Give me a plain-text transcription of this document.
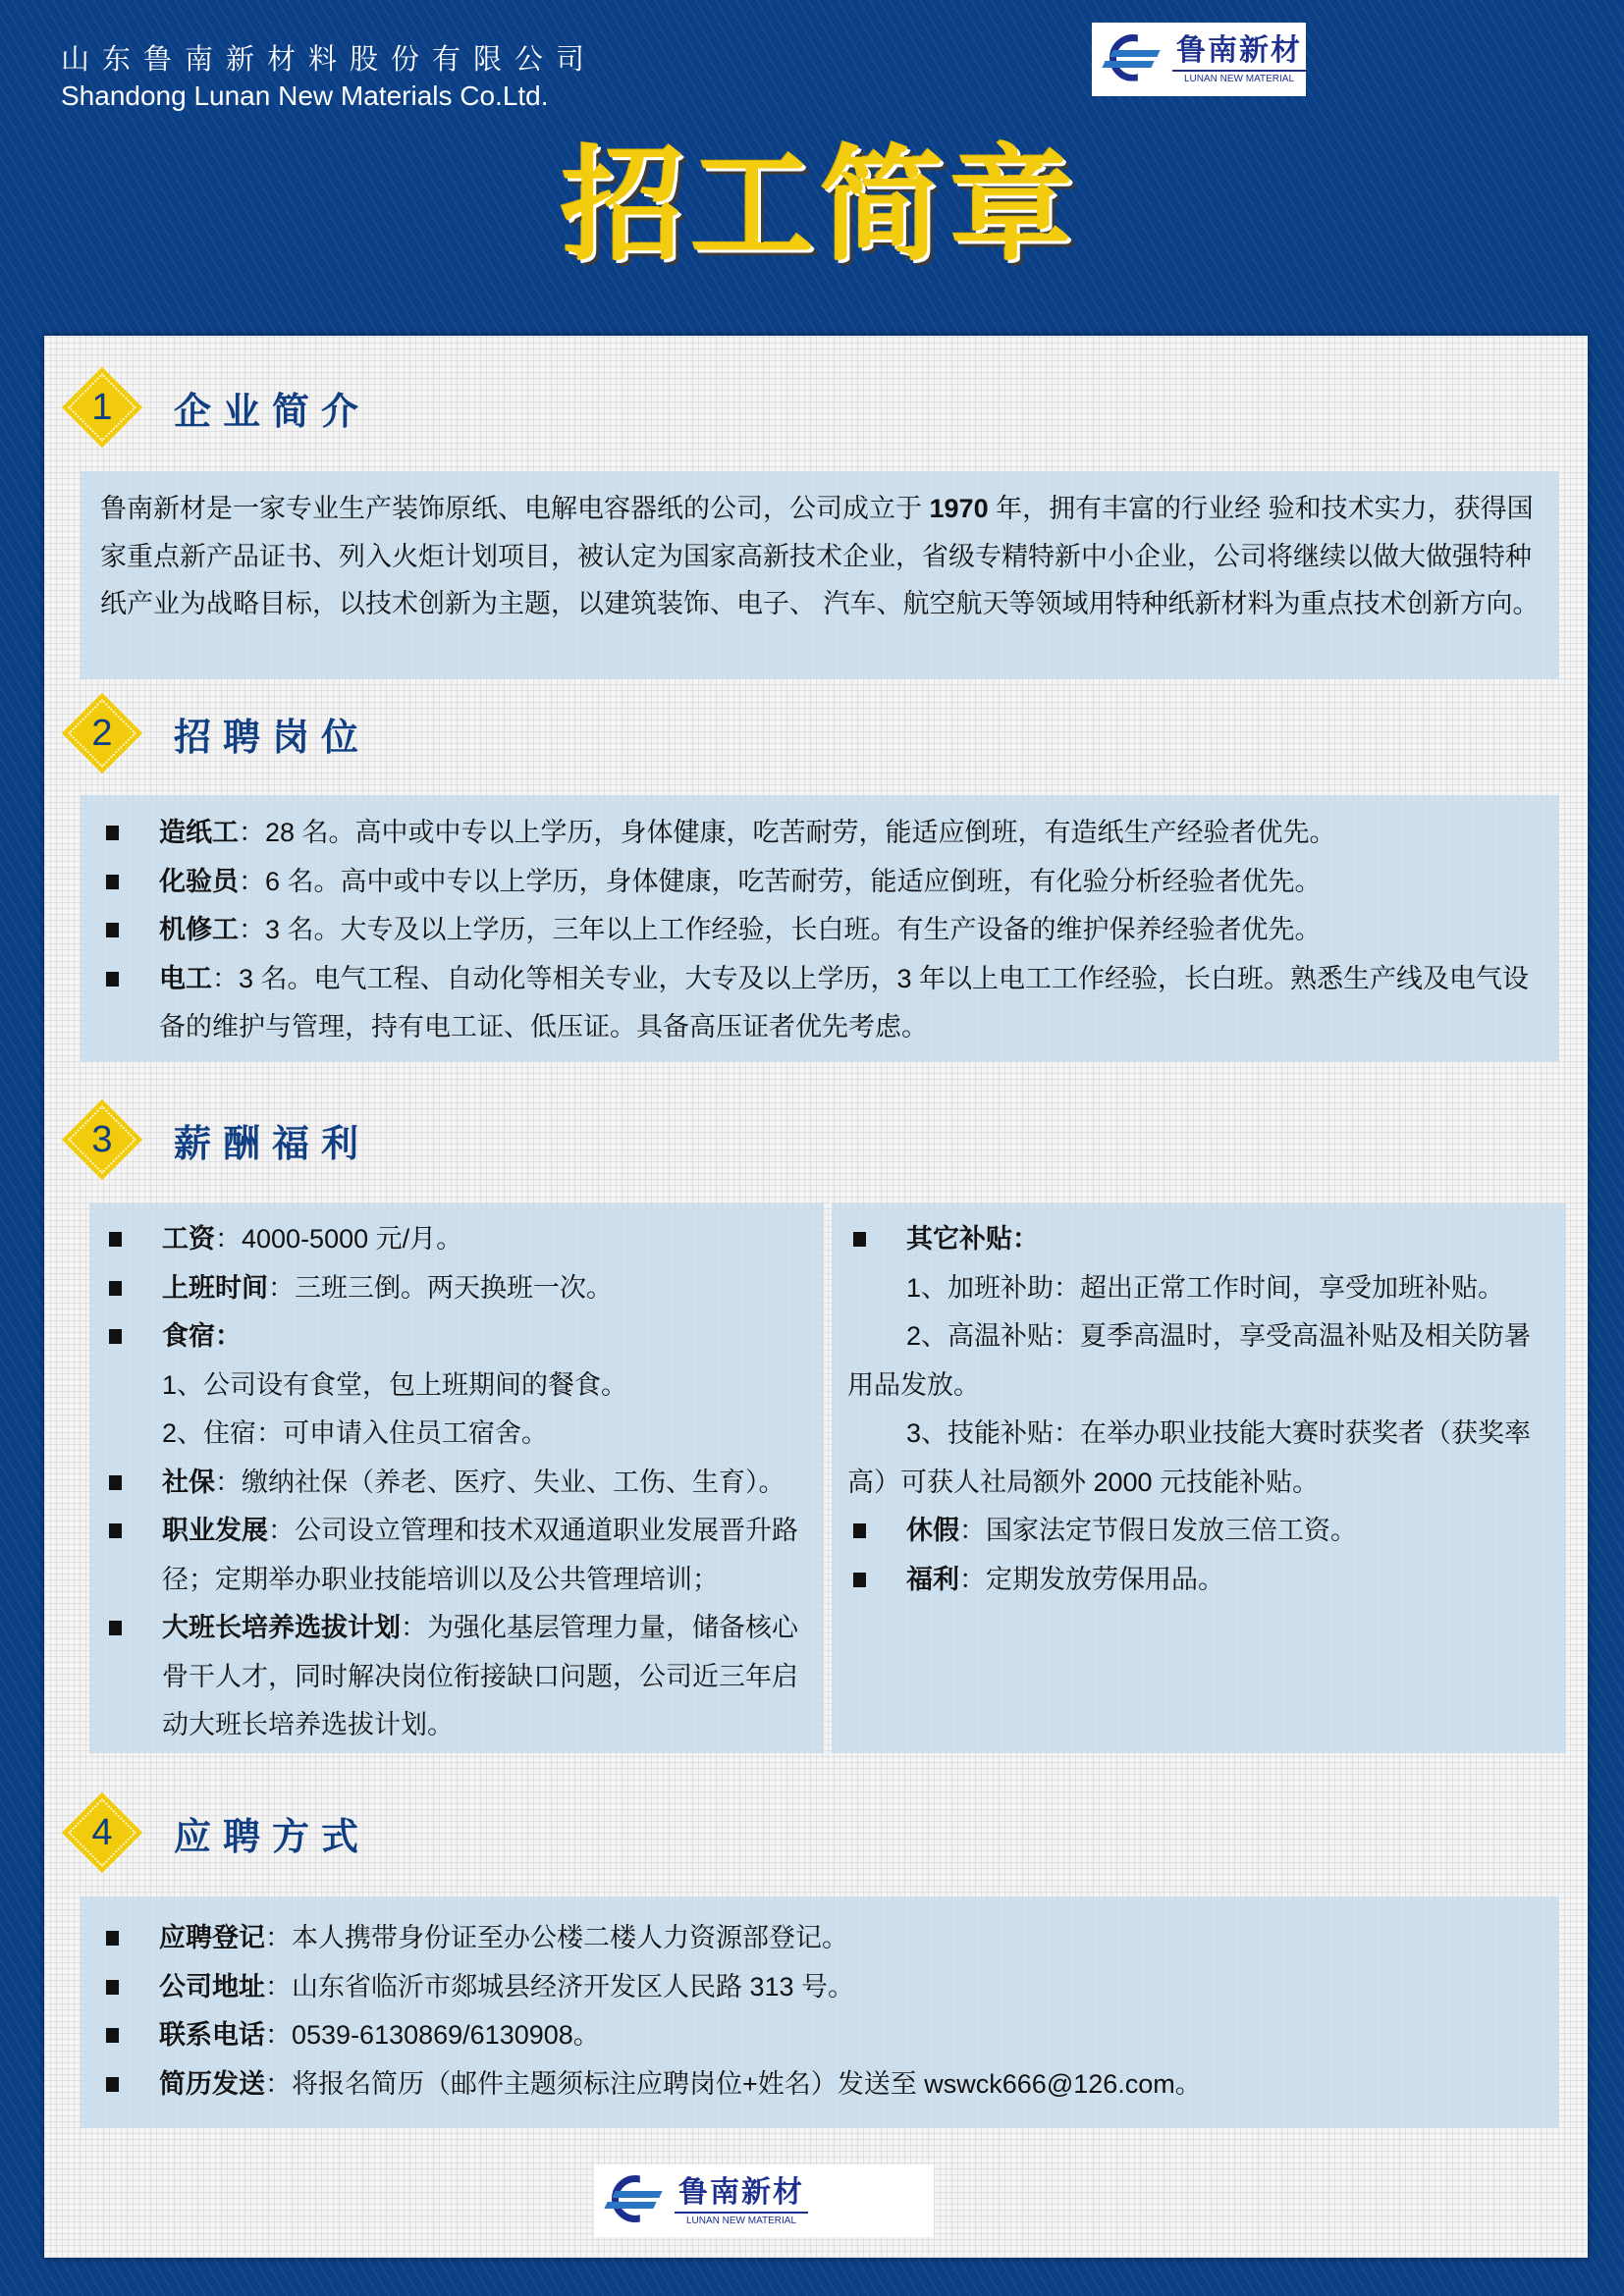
山东鲁南新材料股份有限公司
Shandong Lunan New Materials Co.Ltd.
鲁南新材
LUNAN NEW MATERIAL
招工简章
1	企业简介
鲁南新材是一家专业生产装饰原纸、电解电容器纸的公司，公司成立于 1970 年，拥有丰富的行业经 验和技术实力，获得国家重点新产品证书、列入火炬计划项目，被认定为国家高新技术企业，省级专精特新中小企业，公司将继续以做大做强特种纸产业为战略目标，以技术创新为主题，以建筑装饰、电子、 汽车、航空航天等领域用特种纸新材料为重点技术创新方向。
2	招聘岗位
造纸工：28 名。高中或中专以上学历，身体健康，吃苦耐劳，能适应倒班，有造纸生产经验者优先。
化验员：6 名。高中或中专以上学历，身体健康，吃苦耐劳，能适应倒班，有化验分析经验者优先。
机修工：3 名。大专及以上学历，三年以上工作经验，长白班。有生产设备的维护保养经验者优先。
电工：3 名。电气工程、自动化等相关专业，大专及以上学历，3 年以上电工工作经验，长白班。熟悉生产线及电气设备的维护与管理，持有电工证、低压证。具备高压证者优先考虑。
3	薪酬福利
工资：4000-5000 元/月。
上班时间：三班三倒。两天换班一次。
食宿：
1、公司设有食堂，包上班期间的餐食。
2、住宿：可申请入住员工宿舍。
社保：缴纳社保（养老、医疗、失业、工伤、生育）。
职业发展：公司设立管理和技术双通道职业发展晋升路径；定期举办职业技能培训以及公共管理培训；
大班长培养选拔计划：为强化基层管理力量，储备核心骨干人才，同时解决岗位衔接缺口问题，公司近三年启动大班长培养选拔计划。
其它补贴：
1、加班补助：超出正常工作时间，享受加班补贴。
2、高温补贴：夏季高温时，享受高温补贴及相关防暑用品发放。
3、技能补贴：在举办职业技能大赛时获奖者（获奖率高）可获人社局额外 2000 元技能补贴。
休假：国家法定节假日发放三倍工资。
福利：定期发放劳保用品。
4	应聘方式
应聘登记：本人携带身份证至办公楼二楼人力资源部登记。
公司地址：山东省临沂市郯城县经济开发区人民路 313 号。
联系电话：0539-6130869/6130908。
简历发送：将报名简历（邮件主题须标注应聘岗位+姓名）发送至 wswck666@126.com。
鲁南新材
LUNAN NEW MATERIAL
